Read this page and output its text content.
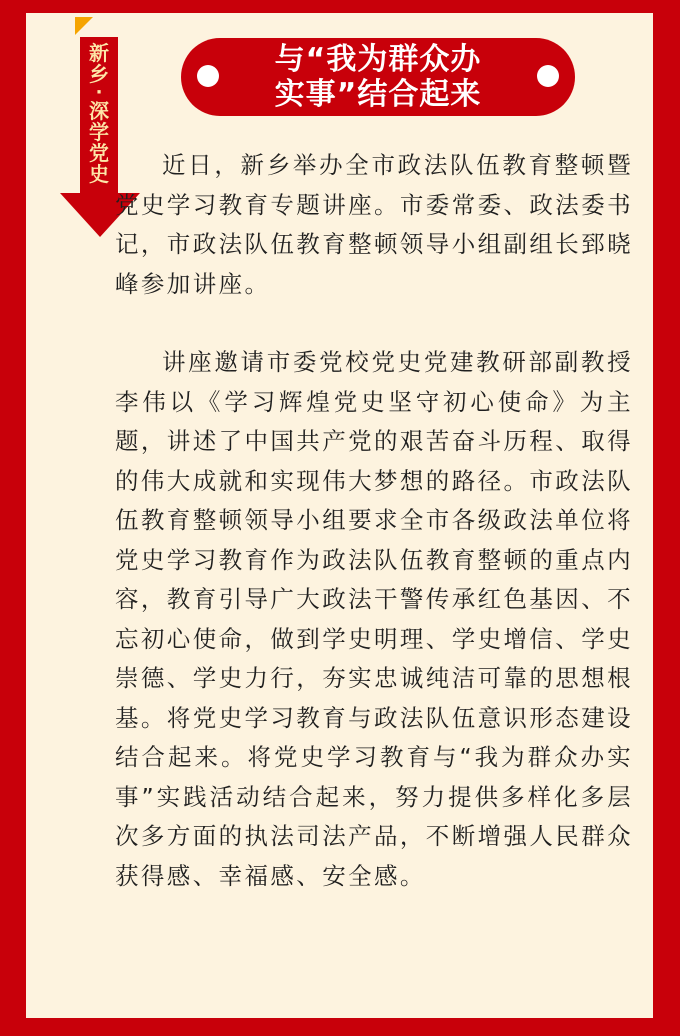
新
乡
·
深
学
党
史
与“我为群众办
实事”结合起来

近日，新乡举办全市政法队伍教育整顿暨党史学习教育专题讲座。市委常委、政法委书记，市政法队伍教育整顿领导小组副组长郅晓峰参加讲座。

讲座邀请市委党校党史党建教研部副教授李伟以《学习辉煌党史坚守初心使命》为主题，讲述了中国共产党的艰苦奋斗历程、取得的伟大成就和实现伟大梦想的路径。市政法队伍教育整顿领导小组要求全市各级政法单位将党史学习教育作为政法队伍教育整顿的重点内容，教育引导广大政法干警传承红色基因、不忘初心使命，做到学史明理、学史增信、学史崇德、学史力行，夯实忠诚纯洁可靠的思想根基。将党史学习教育与政法队伍意识形态建设结合起来。将党史学习教育与“我为群众办实事”实践活动结合起来，努力提供多样化多层次多方面的执法司法产品，不断增强人民群众获得感、幸福感、安全感。
